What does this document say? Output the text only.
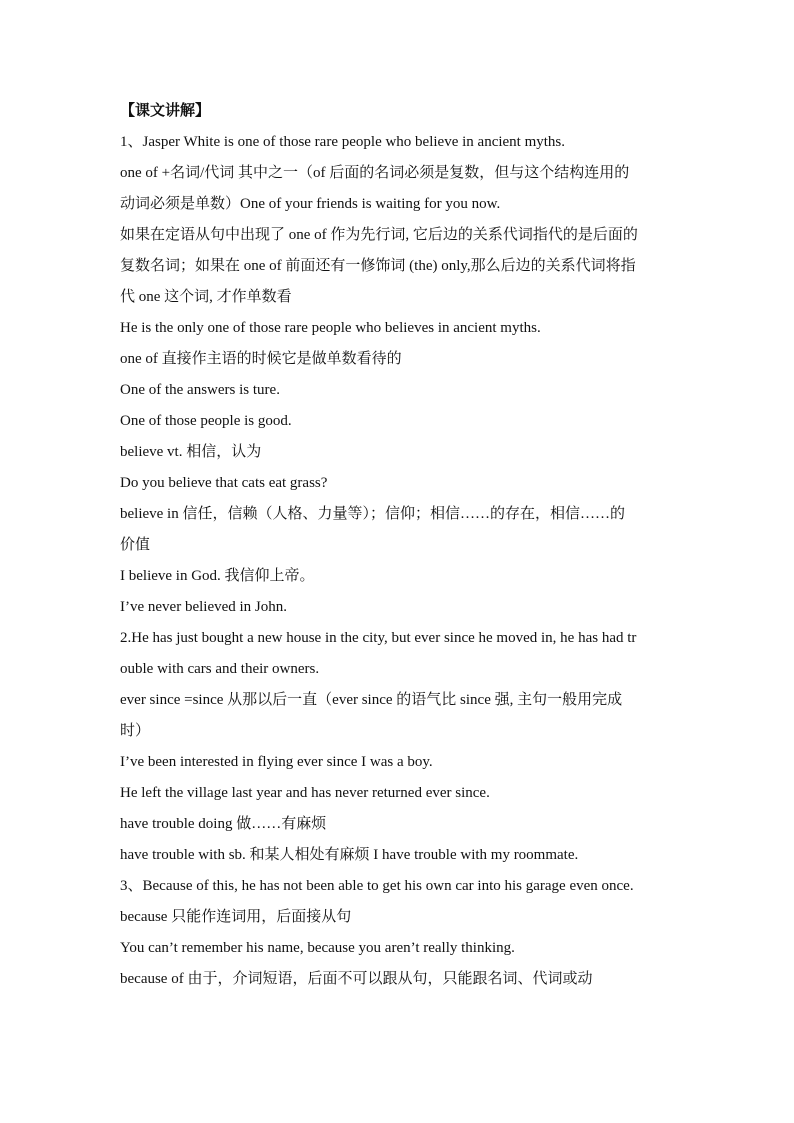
【课文讲解】
1、Jasper White is one of those rare people who believe in ancient myths.
one of +名词/代词 其中之一（of 后面的名词必须是复数，但与这个结构连用的
动词必须是单数）One of your friends is waiting for you now.
如果在定语从句中出现了 one of 作为先行词, 它后边的关系代词指代的是后面的
复数名词；如果在 one of 前面还有一修饰词 (the) only,那么后边的关系代词将指
代 one 这个词, 才作单数看
He is the only one of those rare people who believes in ancient myths.
one of 直接作主语的时候它是做单数看待的
One of the answers is ture.
One of those people is good.
believe vt. 相信，认为
Do you believe that cats eat grass?
believe in 信任，信赖（人格、力量等）；信仰；相信……的存在，相信……的
价值
I believe in God. 我信仰上帝。
I’ve never believed in John.
2.He has just bought a new house in the city, but ever since he moved in, he has had tr
ouble with cars and their owners.
ever since =since 从那以后一直（ever since 的语气比 since 强, 主句一般用完成
时）
I’ve been interested in flying ever since I was a boy.
He left the village last year and has never returned ever since.
have trouble doing 做……有麻烦
have trouble with sb. 和某人相处有麻烦 I have trouble with my roommate.
3、Because of this, he has not been able to get his own car into his garage even once.
because 只能作连词用，后面接从句
You can’t remember his name, because you aren’t really thinking.
because of 由于，介词短语，后面不可以跟从句，只能跟名词、代词或动
